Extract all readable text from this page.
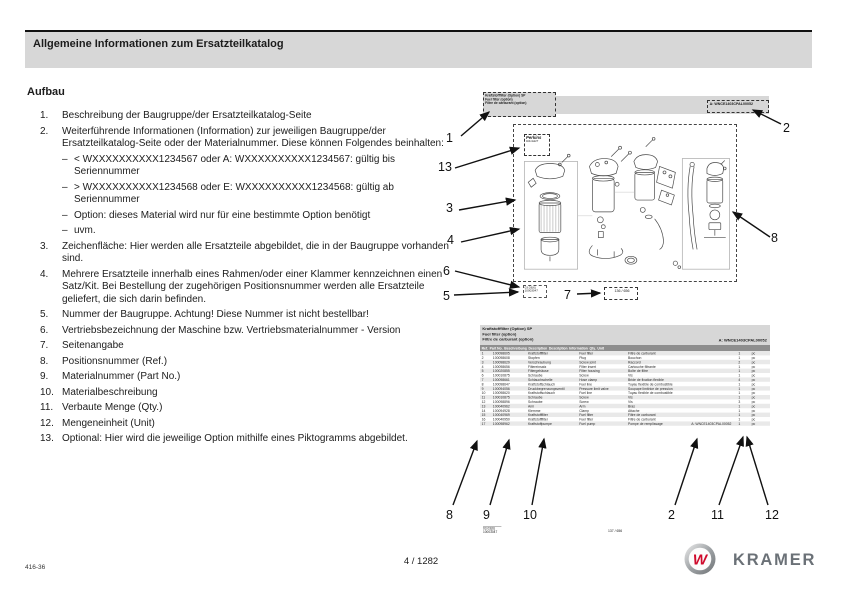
Allgemeine Informationen zum Ersatzteilkatalog
Aufbau
1.	Beschreibung der Baugruppe/der Ersatzteilkatalog-Seite
2.	Weiterführende Informationen (Information) zur jeweiligen Baugruppe/der Ersatzteilkatalog-Seite oder der Materialnummer. Diese können Folgendes beinhalten:
– < WXXXXXXXXXX1234567 oder A: WXXXXXXXXXX1234567: gültig bis Seriennummer
– > WXXXXXXXXXX1234568 oder E: WXXXXXXXXXX1234568: gültig ab Seriennummer
– Option: dieses Material wird nur für eine bestimmte Option benötigt
– uvm.
3.	Zeichenfläche: Hier werden alle Ersatzteile abgebildet, die in der Baugruppe vorhanden sind.
4.	Mehrere Ersatzteile innerhalb eines Rahmen/oder einer Klammer kennzeichnen einen Satz/Kit. Bei Bestellung der zugehörigen Positionsnummer werden alle Ersatzteile geliefert, die sich darin befinden.
5.	Nummer der Baugruppe. Achtung! Diese Nummer ist nicht bestellbar!
6.	Vertriebsbezeichnung der Maschine bzw. Vertriebsmaterialnummer - Version
7.	Seitenangabe
8.	Positionsnummer (Ref.)
9.	Materialnummer (Part No.)
10. Materialbeschreibung
11. Verbaute Menge (Qty.)
12. Mengeneinheit (Unit)
13. Optional: Hier wird die jeweilige Option mithilfe eines Piktogramms abgebildet.
Kraftstofffilter (Option) SP
Fuel filter (option)
Filtre de carburant (option)	A: WNCE1403CPAL00052
Perkins
404J-E22T
03.03(6)
10003047	136 / 656
Kraftstofffilter (Option) SP
Fuel filter (option)
Filtre de carburant (option)	A: WNCE1403CPAL00052
Ref. Part No. Beschreibung Description Description Information Qty. Unit
1	100098605	Kraftstofffilter	Fuel filter	Filtre de carburant	1	pc
2	100098608	Stopfen	Plug	Bouchon	1	pc
3	100098629	Verschraubung	Screw joint	Raccord	2	pc
4	100098656	Filtereinsatz	Filter insert	Cartouche filtrante	1	pc
5	100020855	Filtergehäuse	Filter housing	Boîte de filtre	1	pc
6	100010875	Schraube	Screw	Vis	1	pc
7	100098661	Schlauchschelle	Hose clamp	Bride de fixation flexible	4	pc
8	100098647	Kraftstoffschlauch	Fuel line	Tuyau flexible de combustible	1	pc
9	100094056	Druckbegrenzungsventil	Pressure limit valve	Soupape limitrice de pression	1	pc
10 100098620	Kraftstoffschlauch	Fuel line	Tuyau flexible de combustible	1	pc
11 100010875	Schraube	Screw	Vis	1	pc
12 100098896	Schraube	Screw	Vis	3	pc
13 100040962	Arm	Arm	Bras	1	pc
14 100094928	Klemme	Clamp	Attache	1	pc
15 100040969	Kraftstofffilter	Fuel filter	Filtre de carburant	1	pc
16 100040950	Kraftstofffilter	Fuel filter	Filtre de carburant	1	pc
17 100098962	Kraftstoffpumpe	Fuel pump	Pompe de remplissage	A: WNCE1403CPAL00052 1	pc
03.03(6)
10003047	137 / 656
1
2
13
3
4
6
5	7
8
8 9	10	2	11	12
416-36
4 / 1282	W KRAMER
